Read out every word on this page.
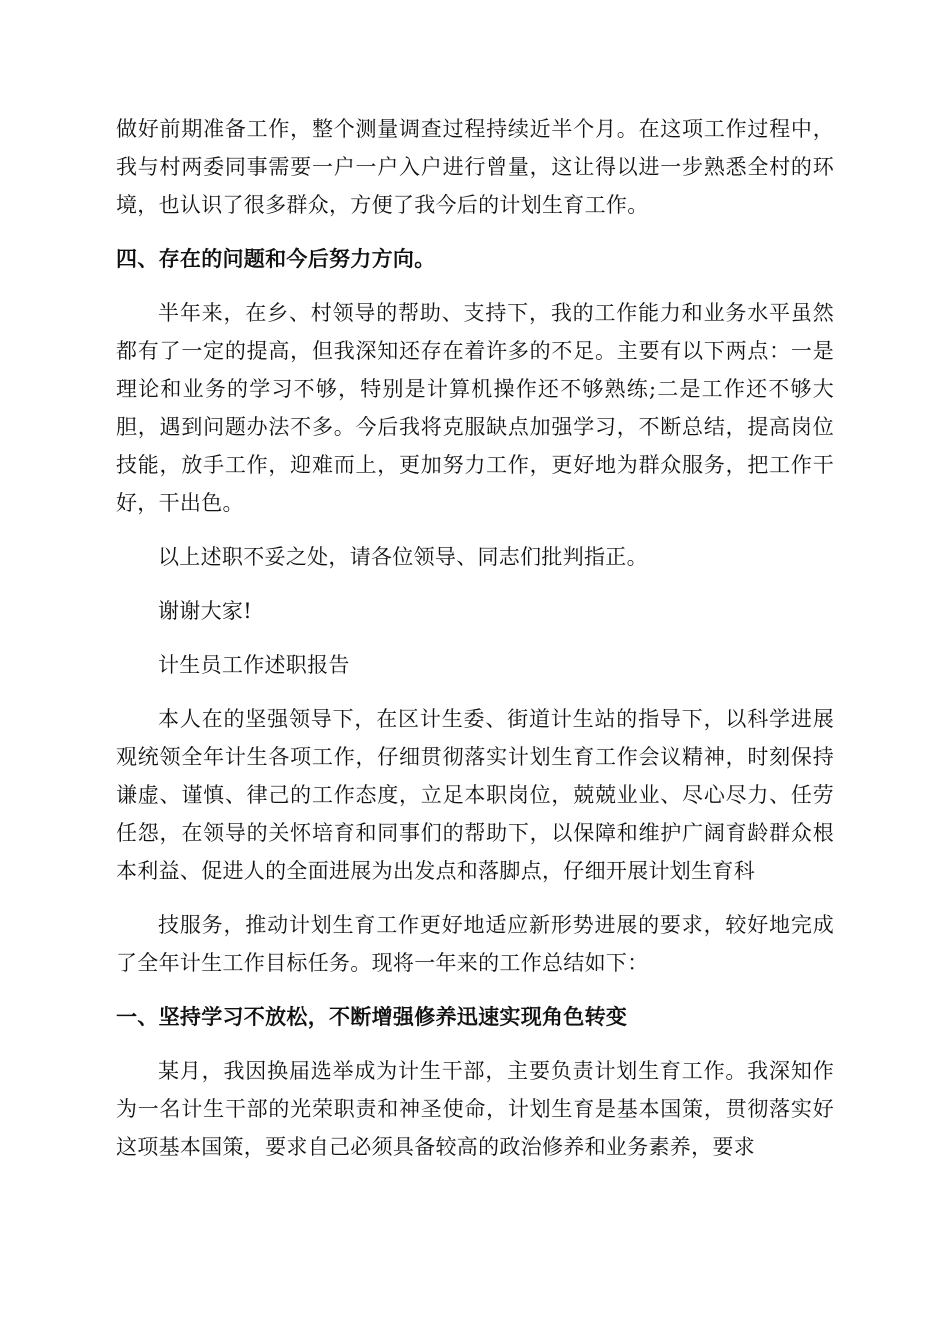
做好前期准备工作，整个测量调查过程持续近半个月。在这项工作过程中，我与村两委同事需要一户一户入户进行曾量，这让得以进一步熟悉全村的环境，也认识了很多群众，方便了我今后的计划生育工作。

四、存在的问题和今后努力方向。

半年来，在乡、村领导的帮助、支持下，我的工作能力和业务水平虽然都有了一定的提高，但我深知还存在着许多的不足。主要有以下两点：一是理论和业务的学习不够，特别是计算机操作还不够熟练;二是工作还不够大胆，遇到问题办法不多。今后我将克服缺点加强学习，不断总结，提高岗位技能，放手工作，迎难而上，更加努力工作，更好地为群众服务，把工作干好，干出色。

以上述职不妥之处，请各位领导、同志们批判指正。

谢谢大家!

计生员工作述职报告

本人在的坚强领导下，在区计生委、街道计生站的指导下，以科学进展观统领全年计生各项工作，仔细贯彻落实计划生育工作会议精神，时刻保持谦虚、谨慎、律己的工作态度，立足本职岗位，兢兢业业、尽心尽力、任劳任怨，在领导的关怀培育和同事们的帮助下，以保障和维护广阔育龄群众根本利益、促进人的全面进展为出发点和落脚点，仔细开展计划生育科

技服务，推动计划生育工作更好地适应新形势进展的要求，较好地完成了全年计生工作目标任务。现将一年来的工作总结如下：

一、坚持学习不放松，不断增强修养迅速实现角色转变

某月，我因换届选举成为计生干部，主要负责计划生育工作。我深知作为一名计生干部的光荣职责和神圣使命，计划生育是基本国策，贯彻落实好这项基本国策，要求自己必须具备较高的政治修养和业务素养，要求
